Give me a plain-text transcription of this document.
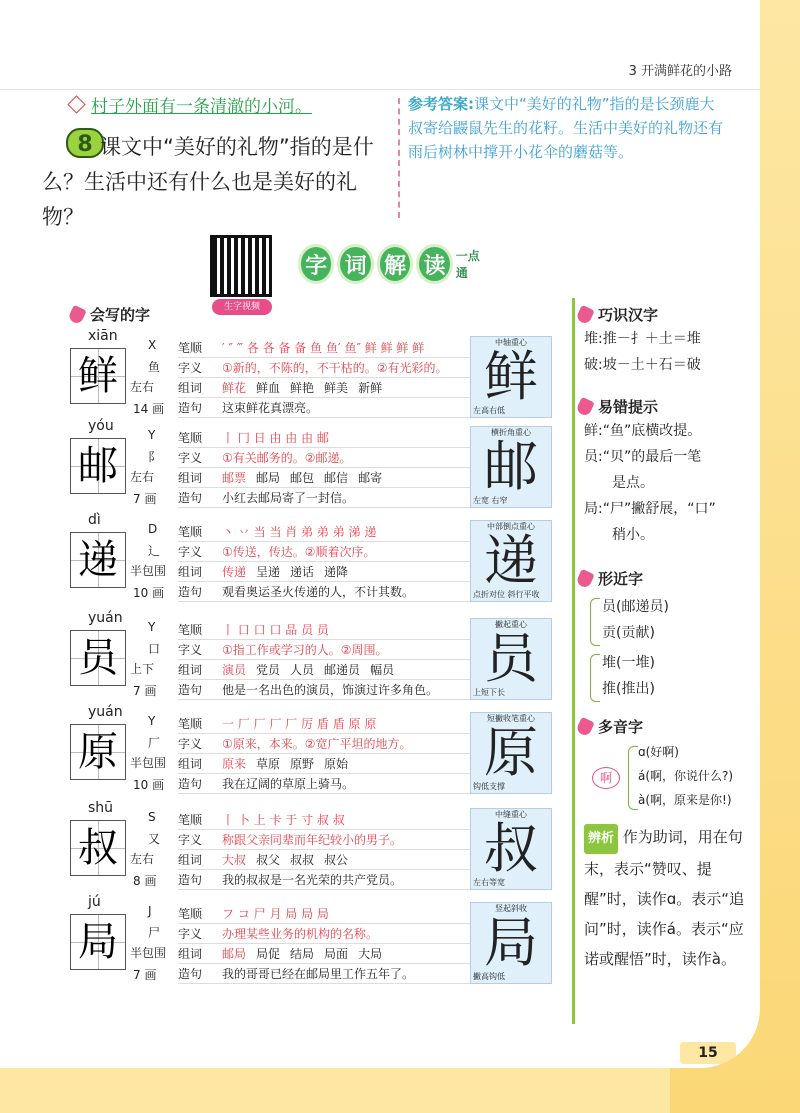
3 开满鲜花的小路
村子外面有一条清澈的小河。
8 课文中“美好的礼物”指的是什么？生活中还有什么也是美好的礼物？
参考答案:课文中“美好的礼物”指的是长颈鹿大叔寄给鼹鼠先生的花籽。生活中美好的礼物还有雨后树林中撑开小花伞的蘑菇等。
生字视频
字 词 解 读 一点通
会写的字
xiān
鲜
X
鱼
左右
14 画
笔顺	′ ″ ‴ 各 各 备 备 鱼 鱼′ 鱼″ 鲜 鲜 鲜 鲜
字义	①新的，不陈的，不干枯的。②有光彩的。
组词	鲜花 鲜血 鲜艳 鲜美 新鲜
造句	这束鲜花真漂亮。
中轴重心
鲜
左高右低
yóu
邮
Y
阝
左右
7 画
笔顺	丨 冂 日 由 由 由 邮
字义	①有关邮务的。②邮递。
组词	邮票 邮局 邮包 邮信 邮寄
造句	小红去邮局寄了一封信。
横折角重心
邮
左宽 右窄
dì
递
D
辶
半包围
10 画
笔顺	丶 丷 当 当 肖 弟 弟 弟 涕 递
字义	①传送，传达。②顺着次序。
组词	传递 呈递 递话 递降
造句	观看奥运圣火传递的人，不计其数。
中部倒点重心
递
点折对位 斜行平收
yuán
员
Y
口
上下
7 画
笔顺	丨 口 口 口 品 员 员
字义	①指工作或学习的人。②周围。
组词	演员 党员 人员 邮递员 幅员
造句	他是一名出色的演员，饰演过许多角色。
撇起重心
员
上短下长
yuán
原
Y
厂
半包围
10 画
笔顺	一 厂 厂 厂 厂 厉 盾 盾 原 原
字义	①原来，本来。②宽广平坦的地方。
组词	原来 草原 原野 原始
造句	我在辽阔的草原上骑马。
短撇收笔重心
原
钩低支撑
shū
叔
S
又
左右
8 画
笔顺	丨 卜 上 卡 于 寸 叔 叔
字义	称跟父亲同辈而年纪较小的男子。
组词	大叔 叔父 叔叔 叔公
造句	我的叔叔是一名光荣的共产党员。
中缝重心
叔
左右等宽
jú
局
J
尸
半包围
7 画
笔顺	フ コ 尸 月 局 局 局
字义	办理某些业务的机构的名称。
组词	邮局 局促 结局 局面 大局
造句	我的哥哥已经在邮局里工作五年了。
竖起斜收
局
撇高钩低
巧识汉字
堆:推－扌＋土＝堆
破:坡－土＋石＝破
易错提示
鲜:“鱼”底横改提。
员:“贝”的最后一笔
是点。
局:“尸”撇舒展，“口”
稍小。
形近字
员(邮递员)
贡(贡献)
堆(一堆)
推(推出)
多音字
啊
ɑ(好啊)
á(啊，你说什么?)
à(啊，原来是你!)
辨析 作为助词，用在句末，表示“赞叹、提醒”时，读作ɑ。表示“追问”时，读作á。表示“应诺或醒悟”时，读作à。
15
